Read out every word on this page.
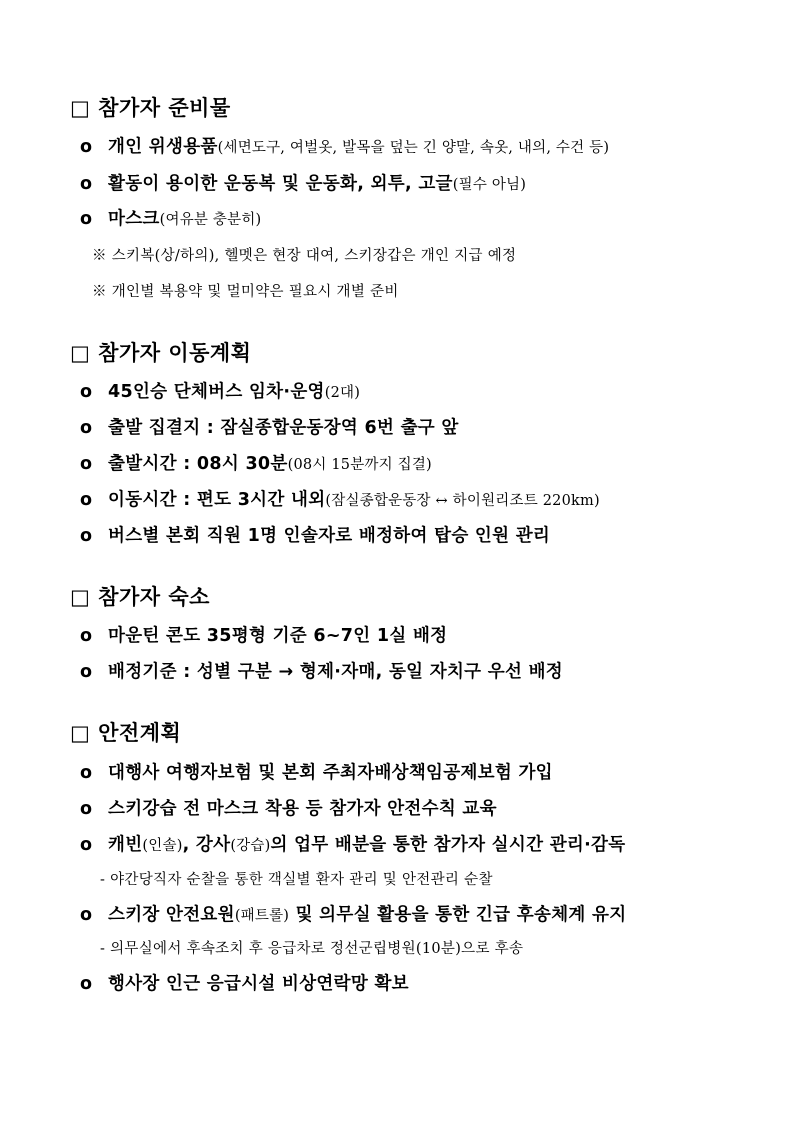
□ 참가자 준비물
o 개인 위생용품(세면도구, 여벌옷, 발목을 덮는 긴 양말, 속옷, 내의, 수건 등)
o 활동이 용이한 운동복 및 운동화, 외투, 고글(필수 아님)
o 마스크(여유분 충분히)
※ 스키복(상/하의), 헬멧은 현장 대여, 스키장갑은 개인 지급 예정
※ 개인별 복용약 및 멀미약은 필요시 개별 준비
□ 참가자 이동계획
o 45인승 단체버스 임차·운영(2대)
o 출발 집결지 : 잠실종합운동장역 6번 출구 앞
o 출발시간 : 08시 30분(08시 15분까지 집결)
o 이동시간 : 편도 3시간 내외(잠실종합운동장 ↔ 하이원리조트 220km)
o 버스별 본회 직원 1명 인솔자로 배정하여 탑승 인원 관리
□ 참가자 숙소
o 마운틴 콘도 35평형 기준 6~7인 1실 배정
o 배정기준 : 성별 구분 → 형제·자매, 동일 자치구 우선 배정
□ 안전계획
o 대행사 여행자보험 및 본회 주최자배상책임공제보험 가입
o 스키강습 전 마스크 착용 등 참가자 안전수칙 교육
o 캐빈(인솔), 강사(강습)의 업무 배분을 통한 참가자 실시간 관리·감독
- 야간당직자 순찰을 통한 객실별 환자 관리 및 안전관리 순찰
o 스키장 안전요원(패트롤) 및 의무실 활용을 통한 긴급 후송체계 유지
- 의무실에서 후속조치 후 응급차로 정선군립병원(10분)으로 후송
o 행사장 인근 응급시설 비상연락망 확보
